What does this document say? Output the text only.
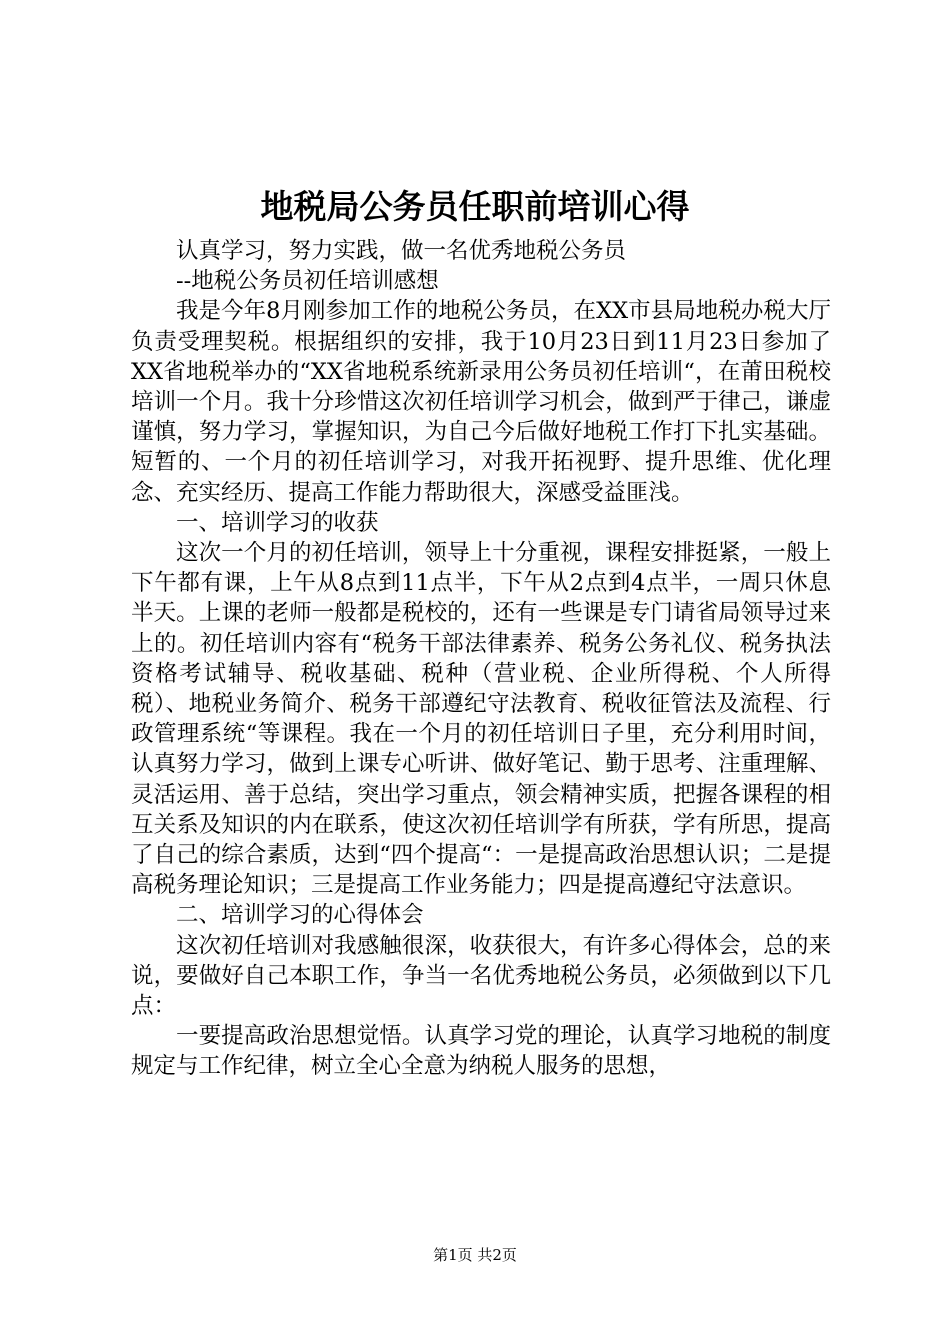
地税局公务员任职前培训心得

认真学习，努力实践，做一名优秀地税公务员

--地税公务员初任培训感想

我是今年8月刚参加工作的地税公务员，在XX市县局地税办税大厅负责受理契税。根据组织的安排，我于10月23日到11月23日参加了XX省地税举办的“XX省地税系统新录用公务员初任培训“，在莆田税校培训一个月。我十分珍惜这次初任培训学习机会，做到严于律己，谦虚谨慎，努力学习，掌握知识，为自己今后做好地税工作打下扎实基础。短暂的、一个月的初任培训学习，对我开拓视野、提升思维、优化理念、充实经历、提高工作能力帮助很大，深感受益匪浅。

一、培训学习的收获

这次一个月的初任培训，领导上十分重视，课程安排挺紧，一般上下午都有课，上午从8点到11点半，下午从2点到4点半，一周只休息半天。上课的老师一般都是税校的，还有一些课是专门请省局领导过来上的。初任培训内容有“税务干部法律素养、税务公务礼仪、税务执法资格考试辅导、税收基础、税种（营业税、企业所得税、个人所得税）、地税业务简介、税务干部遵纪守法教育、税收征管法及流程、行政管理系统“等课程。我在一个月的初任培训日子里，充分利用时间，认真努力学习，做到上课专心听讲、做好笔记、勤于思考、注重理解、灵活运用、善于总结，突出学习重点，领会精神实质，把握各课程的相互关系及知识的内在联系，使这次初任培训学有所获，学有所思，提高了自己的综合素质，达到“四个提高“：一是提高政治思想认识；二是提高税务理论知识；三是提高工作业务能力；四是提高遵纪守法意识。

二、培训学习的心得体会

这次初任培训对我感触很深，收获很大，有许多心得体会，总的来说，要做好自己本职工作，争当一名优秀地税公务员，必须做到以下几点：

一要提高政治思想觉悟。认真学习党的理论，认真学习地税的制度规定与工作纪律，树立全心全意为纳税人服务的思想，

第1页 共2页
